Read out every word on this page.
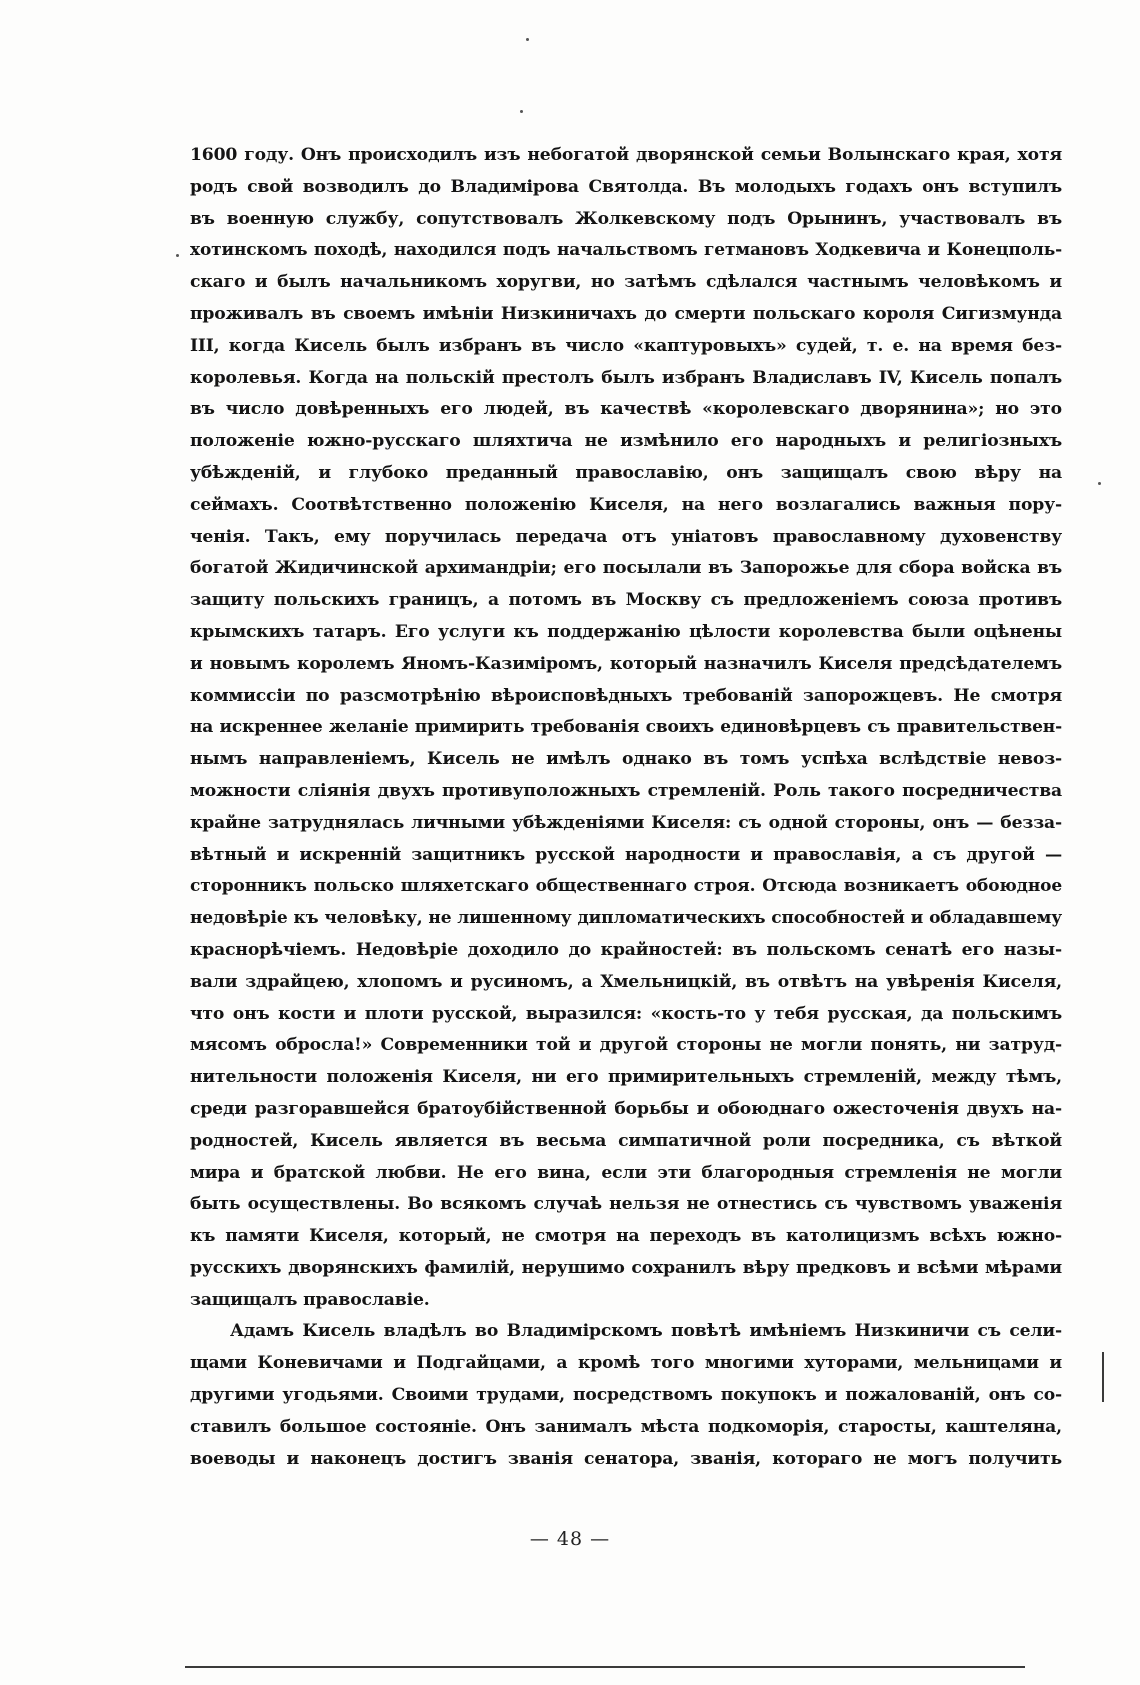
1600 году. Онъ происходилъ изъ небогатой дворянской семьи Волынскаго края, хотя
родъ свой возводилъ до Владимірова Святолда. Въ молодыхъ годахъ онъ вступилъ
въ военную службу, сопутствовалъ Жолкевскому подъ Орынинъ, участвовалъ въ
хотинскомъ походѣ, находился подъ начальствомъ гетмановъ Ходкевича и Конецполь-
скаго и былъ начальникомъ хоругви, но затѣмъ сдѣлался частнымъ человѣкомъ и
проживалъ въ своемъ имѣніи Низкиничахъ до смерти польскаго короля Сигизмунда
III, когда Кисель былъ избранъ въ число «каптуровыхъ» судей, т. е. на время без-
королевья. Когда на польскій престолъ былъ избранъ Владиславъ IV, Кисель попалъ
въ число довѣренныхъ его людей, въ качествѣ «королевскаго дворянина»; но это
положеніе южно-русскаго шляхтича не измѣнило его народныхъ и религіозныхъ
убѣжденій, и глубоко преданный православію, онъ защищалъ свою вѣру на
сеймахъ. Соотвѣтственно положенію Киселя, на него возлагались важныя пору-
ченія. Такъ, ему поручилась передача отъ уніатовъ православному духовенству
богатой Жидичинской архимандріи; его посылали въ Запорожье для сбора войска въ
защиту польскихъ границъ, а потомъ въ Москву съ предложеніемъ союза противъ
крымскихъ татаръ. Его услуги къ поддержанію цѣлости королевства были оцѣнены
и новымъ королемъ Яномъ-Казиміромъ, который назначилъ Киселя предсѣдателемъ
коммиссіи по разсмотрѣнію вѣроисповѣдныхъ требованій запорожцевъ. Не смотря
на искреннее желаніе примирить требованія своихъ единовѣрцевъ съ правительствен-
нымъ направленіемъ, Кисель не имѣлъ однако въ томъ успѣха вслѣдствіе невоз-
можности слiянiя двухъ противуположныхъ стремленій. Роль такого посредничества
крайне затруднялась личными убѣжденіями Киселя: съ одной стороны, онъ — безза-
вѣтный и искренній защитникъ русской народности и православія, а съ другой —
сторонникъ польско шляхетскаго общественнаго строя. Отсюда возникаетъ обоюдное
недовѣріе къ человѣку, не лишенному дипломатическихъ способностей и обладавшему
краснорѣчіемъ. Недовѣріе доходило до крайностей: въ польскомъ сенатѣ его назы-
вали здрайцею, хлопомъ и русиномъ, а Хмельницкій, въ отвѣтъ на увѣренія Киселя,
что онъ кости и плоти русской, выразился: «кость-то у тебя русская, да польскимъ
мясомъ обросла!» Современники той и другой стороны не могли понять, ни затруд-
нительности положенія Киселя, ни его примирительныхъ стремленій, между тѣмъ,
среди разгоравшейся братоубійственной борьбы и обоюднаго ожесточенія двухъ на-
родностей, Кисель является въ весьма симпатичной роли посредника, съ вѣткой
мира и братской любви. Не его вина, если эти благородныя стремленія не могли
быть осуществлены. Во всякомъ случаѣ нельзя не отнестись съ чувствомъ уваженія
къ памяти Киселя, который, не смотря на переходъ въ католицизмъ всѣхъ южно-
русскихъ дворянскихъ фамилій, нерушимо сохранилъ вѣру предковъ и всѣми мѣрами
защищалъ православіе.
Адамъ Кисель владѣлъ во Владимірскомъ повѣтѣ имѣніемъ Низкиничи съ сели-
щами Коневичами и Подгайцами, а кромѣ того многими хуторами, мельницами и
другими угодьями. Своими трудами, посредствомъ покупокъ и пожалованій, онъ со-
ставилъ большое состояніе. Онъ занималъ мѣста подкоморія, старосты, каштеляна,
воеводы и наконецъ достигъ званія сенатора, званія, котораго не могъ получить
— 48 —
